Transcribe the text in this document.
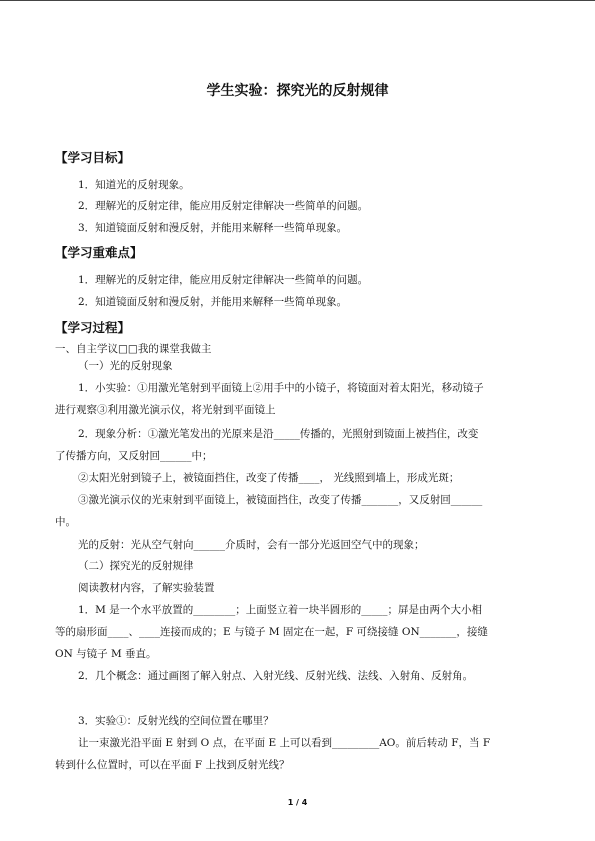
学生实验：探究光的反射规律
【学习目标】
1．知道光的反射现象。
2．理解光的反射定律，能应用反射定律解决一些简单的问题。
3．知道镜面反射和漫反射，并能用来解释一些简单现象。
【学习重难点】
1．理解光的反射定律，能应用反射定律解决一些简单的问题。
2．知道镜面反射和漫反射，并能用来解释一些简单现象。
【学习过程】
一、自主学议□□我的课堂我做主
（一）光的反射现象
1．小实验：①用激光笔射到平面镜上②用手中的小镜子，将镜面对着太阳光，移动镜子
进行观察③利用激光演示仪，将光射到平面镜上
2．现象分析：①激光笔发出的光原来是沿_____传播的，光照射到镜面上被挡住，改变
了传播方向，又反射回______中；
②太阳光射到镜子上，被镜面挡住，改变了传播____， 光线照到墙上，形成光斑；
③激光演示仪的光束射到平面镜上，被镜面挡住，改变了传播_______，又反射回______
中。
光的反射：光从空气射向______介质时，会有一部分光返回空气中的现象；
（二）探究光的反射规律
阅读教材内容，了解实验装置
1．M 是一个水平放置的________；上面竖立着一块半圆形的_____；屏是由两个大小相
等的扇形面____、____连接而成的；E 与镜子 M 固定在一起，F 可绕接缝 ON_______，接缝
ON 与镜子 M 垂直。
2．几个概念：通过画图了解入射点、入射光线、反射光线、法线、入射角、反射角。
3．实验①：反射光线的空间位置在哪里？
让一束激光沿平面 E 射到 O 点，在平面 E 上可以看到_________AO。前后转动 F，当 F
转到什么位置时，可以在平面 F 上找到反射光线？
1 / 4
